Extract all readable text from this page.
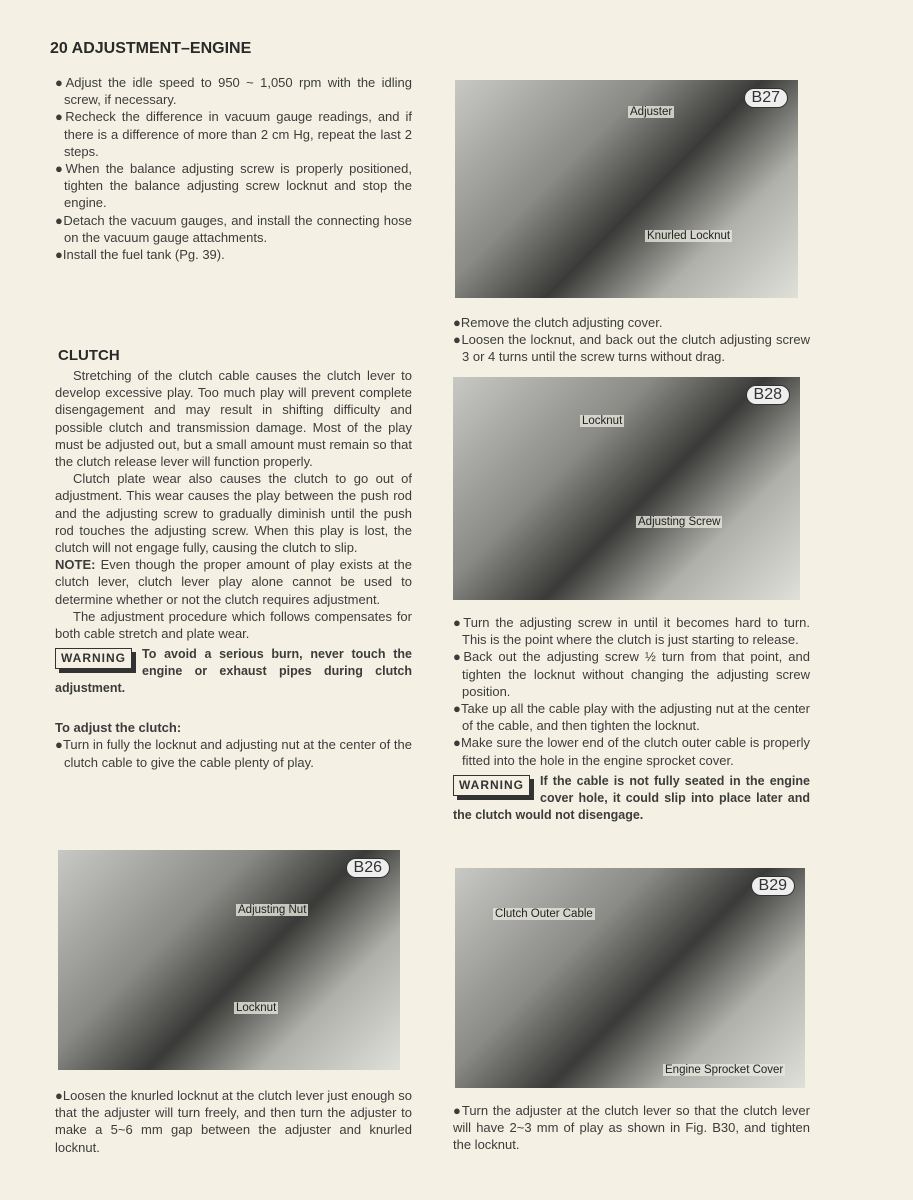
20 ADJUSTMENT–ENGINE

●Adjust the idle speed to 950 ~ 1,050 rpm with the idling screw, if necessary.

●Recheck the difference in vacuum gauge readings, and if there is a difference of more than 2 cm Hg, repeat the last 2 steps.

●When the balance adjusting screw is properly positioned, tighten the balance adjusting screw locknut and stop the engine.

●Detach the vacuum gauges, and install the connecting hose on the vacuum gauge attachments.

●Install the fuel tank (Pg. 39).

CLUTCH

Stretching of the clutch cable causes the clutch lever to develop excessive play. Too much play will prevent complete disengagement and may result in shifting difficulty and possible clutch and transmission damage. Most of the play must be adjusted out, but a small amount must remain so that the clutch release lever will function properly.

Clutch plate wear also causes the clutch to go out of adjustment. This wear causes the play between the push rod and the adjusting screw to gradually diminish until the push rod touches the adjusting screw. When this play is lost, the clutch will not engage fully, causing the clutch to slip.

NOTE: Even though the proper amount of play exists at the clutch lever, clutch lever play alone cannot be used to determine whether or not the clutch requires adjustment.

The adjustment procedure which follows compensates for both cable stretch and plate wear.

WARNING	To avoid a serious burn, never touch the engine or exhaust pipes during clutch adjustment.

To adjust the clutch:

●Turn in fully the locknut and adjusting nut at the center of the clutch cable to give the cable plenty of play.

B26
Adjusting Nut
Locknut
●Loosen the knurled locknut at the clutch lever just enough so that the adjuster will turn freely, and then turn the adjuster to make a 5~6 mm gap between the adjuster and knurled locknut.
B27
Adjuster
Knurled Locknut

●Remove the clutch adjusting cover.

●Loosen the locknut, and back out the clutch adjusting screw 3 or 4 turns until the screw turns without drag.

B28
Locknut
Adjusting Screw

●Turn the adjusting screw in until it becomes hard to turn. This is the point where the clutch is just starting to release.

●Back out the adjusting screw ½ turn from that point, and tighten the locknut without changing the adjusting screw position.

●Take up all the cable play with the adjusting nut at the center of the cable, and then tighten the locknut.

●Make sure the lower end of the clutch outer cable is properly fitted into the hole in the engine sprocket cover.

WARNING	If the cable is not fully seated in the engine cover hole, it could slip into place later and the clutch would not disengage.

B29
Clutch Outer Cable
Engine Sprocket Cover
●Turn the adjuster at the clutch lever so that the clutch lever will have 2~3 mm of play as shown in Fig. B30, and tighten the locknut.
